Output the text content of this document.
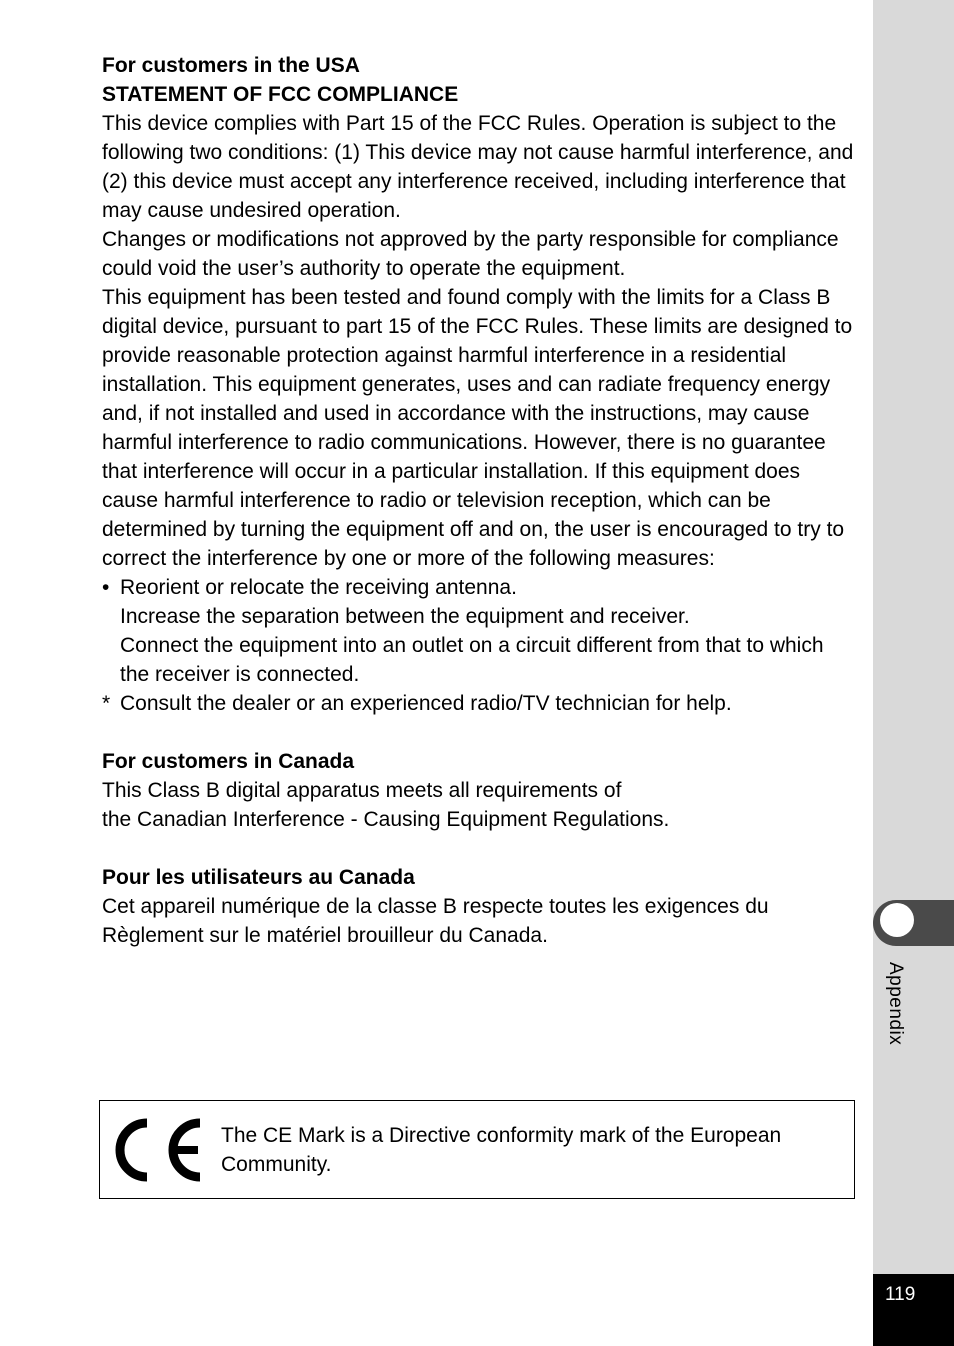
Appendix
119

For customers in the USA

STATEMENT OF FCC COMPLIANCE

This device complies with Part 15 of the FCC Rules. Operation is subject to the following two conditions: (1) This device may not cause harmful interference, and (2) this device must accept any interference received, including interference that may cause undesired operation.

Changes or modifications not approved by the party responsible for compliance could void the user’s authority to operate the equipment.

This equipment has been tested and found comply with the limits for a Class B digital device, pursuant to part 15 of the FCC Rules. These limits are designed to provide reasonable protection against harmful interference in a residential installation. This equipment generates, uses and can radiate frequency energy and, if not installed and used in accordance with the instructions, may cause harmful interference to radio communications. However, there is no guarantee that interference will occur in a particular installation. If this equipment does cause harmful interference to radio or television reception, which can be determined by turning the equipment off and on, the user is encouraged to try to correct the interference by one or more of the following measures:

• Reorient or relocate the receiving antenna.
Increase the separation between the equipment and receiver.
Connect the equipment into an outlet on a circuit different from that to which the receiver is connected.
* Consult the dealer or an experienced radio/TV technician for help.

For customers in Canada

This Class B digital apparatus meets all requirements of

the Canadian Interference - Causing Equipment Regulations.

Pour les utilisateurs au Canada

Cet appareil numérique de la classe B respecte toutes les exigences du Règlement sur le matériel brouilleur du Canada.

The CE Mark is a Directive conformity mark of the European Community.
